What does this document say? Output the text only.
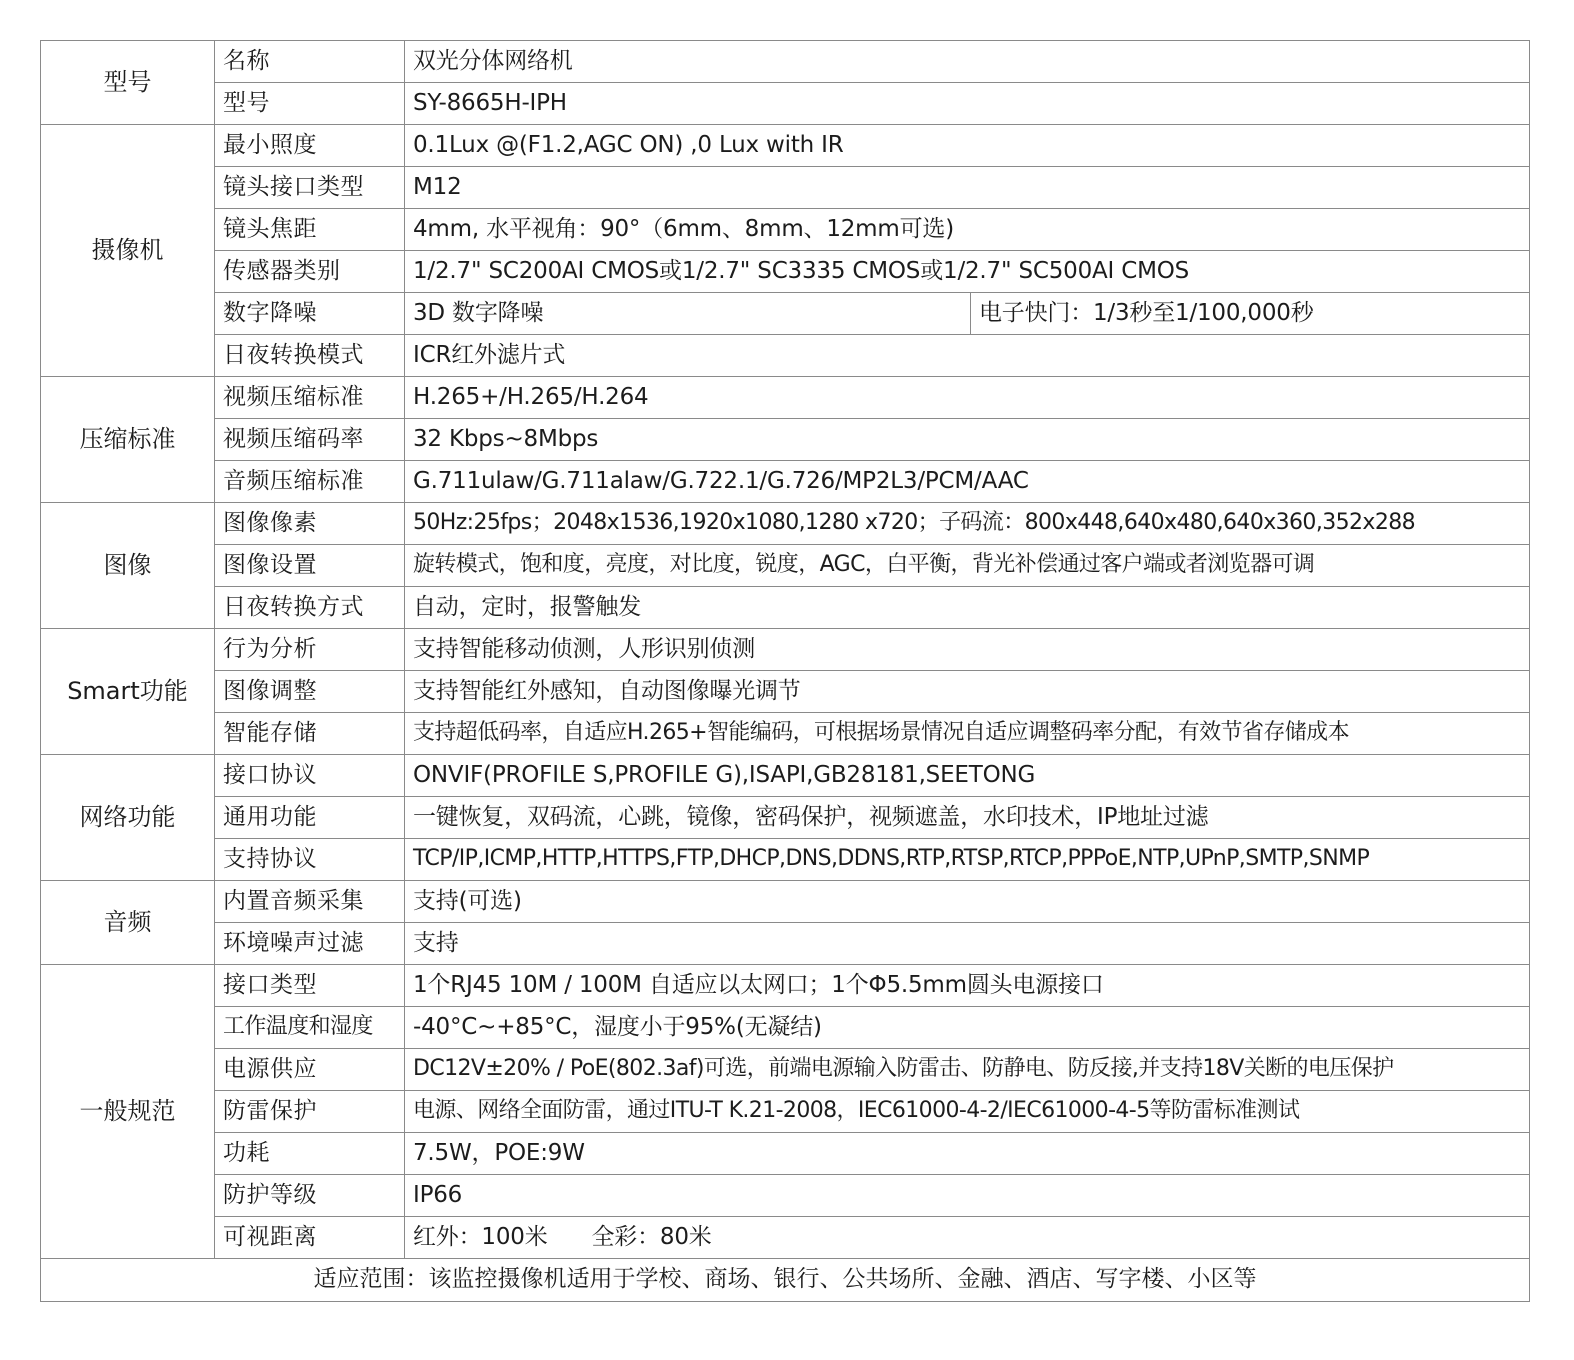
型号	名称	双光分体网络机	
	型号	SY-8665H-IPH	
摄像机	最小照度	0.1Lux @(F1.2,AGC ON) ,0 Lux with IR	
	镜头接口类型	M12	
	镜头焦距	4mm, 水平视角：90°（6mm、8mm、12mm可选)	
	传感器类别	1/2.7" SC200AI CMOS或1/2.7" SC3335 CMOS或1/2.7" SC500AI CMOS	
	数字降噪	3D 数字降噪	电子快门：1/3秒至1/100,000秒
	日夜转换模式	ICR红外滤片式	
压缩标准	视频压缩标准	H.265+/H.265/H.264	
	视频压缩码率	32 Kbps~8Mbps	
	音频压缩标准	G.711ulaw/G.711alaw/G.722.1/G.726/MP2L3/PCM/AAC	
图像	图像像素	50Hz:25fps；2048x1536,1920x1080,1280 x720；子码流：800x448,640x480,640x360,352x288	
	图像设置	旋转模式，饱和度，亮度，对比度，锐度，AGC，白平衡，背光补偿通过客户端或者浏览器可调	
	日夜转换方式	自动，定时，报警触发	
Smart功能	行为分析	支持智能移动侦测，人形识别侦测	
	图像调整	支持智能红外感知，自动图像曝光调节	
	智能存储	支持超低码率，自适应H.265+智能编码，可根据场景情况自适应调整码率分配，有效节省存储成本	
网络功能	接口协议	ONVIF(PROFILE S,PROFILE G),ISAPI,GB28181,SEETONG	
	通用功能	一键恢复，双码流，心跳，镜像，密码保护，视频遮盖，水印技术，IP地址过滤	
	支持协议	TCP/IP,ICMP,HTTP,HTTPS,FTP,DHCP,DNS,DDNS,RTP,RTSP,RTCP,PPPoE,NTP,UPnP,SMTP,SNMP	
音频	内置音频采集	支持(可选)	
	环境噪声过滤	支持	
一般规范	接口类型	1个RJ45 10M / 100M 自适应以太网口；1个Φ5.5mm圆头电源接口	
	工作温度和湿度	-40°C~+85°C，湿度小于95%(无凝结)	
	电源供应	DC12V±20% / PoE(802.3af)可选，前端电源输入防雷击、防静电、防反接,并支持18V关断的电压保护	
	防雷保护	电源、网络全面防雷，通过ITU-T K.21-2008，IEC61000-4-2/IEC61000-4-5等防雷标准测试	
	功耗	7.5W，POE:9W	
	防护等级	IP66	
	可视距离	红外：100米 全彩：80米	
适应范围：该监控摄像机适用于学校、商场、银行、公共场所、金融、酒店、写字楼、小区等			
